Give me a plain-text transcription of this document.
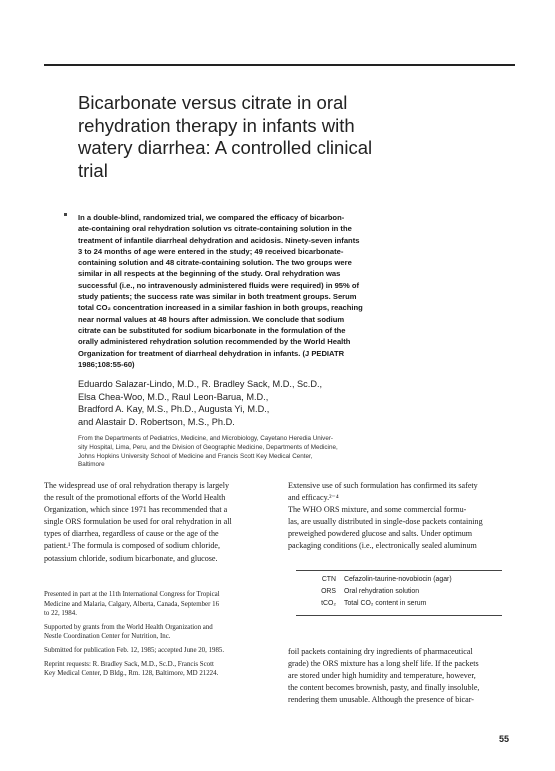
Bicarbonate versus citrate in oral
rehydration therapy in infants with
watery diarrhea: A controlled clinical
trial
In a double-blind, randomized trial, we compared the efficacy of bicarbon-
ate-containing oral rehydration solution vs citrate-containing solution in the
treatment of infantile diarrheal dehydration and acidosis. Ninety-seven infants
3 to 24 months of age were entered in the study; 49 received bicarbonate-
containing solution and 48 citrate-containing solution. The two groups were
similar in all respects at the beginning of the study. Oral rehydration was
successful (i.e., no intravenously administered fluids were required) in 95% of
study patients; the success rate was similar in both treatment groups. Serum
total CO₂ concentration increased in a similar fashion in both groups, reaching
near normal values at 48 hours after admission. We conclude that sodium
citrate can be substituted for sodium bicarbonate in the formulation of the
orally administered rehydration solution recommended by the World Health
Organization for treatment of diarrheal dehydration in infants. (J PEDIATR
1986;108:55-60)
Eduardo Salazar-Lindo, M.D., R. Bradley Sack, M.D., Sc.D.,
Elsa Chea-Woo, M.D., Raul Leon-Barua, M.D.,
Bradford A. Kay, M.S., Ph.D., Augusta Yi, M.D.,
and Alastair D. Robertson, M.S., Ph.D.
From the Departments of Pediatrics, Medicine, and Microbiology, Cayetano Heredia Univer-
sity Hospital, Lima, Peru, and the Division of Geographic Medicine, Departments of Medicine,
Johns Hopkins University School of Medicine and Francis Scott Key Medical Center,
Baltimore
The widespread use of oral rehydration therapy is largely
the result of the promotional efforts of the World Health
Organization, which since 1971 has recommended that a
single ORS formulation be used for oral rehydration in all
types of diarrhea, regardless of cause or the age of the
patient.¹ The formula is composed of sodium chloride,
potassium chloride, sodium bicarbonate, and glucose.
Presented in part at the 11th International Congress for Tropical
Medicine and Malaria, Calgary, Alberta, Canada, September 16
to 22, 1984.
Supported by grants from the World Health Organization and
Nestle Coordination Center for Nutrition, Inc.
Submitted for publication Feb. 12, 1985; accepted June 20, 1985.
Reprint requests: R. Bradley Sack, M.D., Sc.D., Francis Scott
Key Medical Center, D Bldg., Rm. 128, Baltimore, MD 21224.
Extensive use of such formulation has confirmed its safety
and efficacy.²⁻⁴
The WHO ORS mixture, and some commercial formu-
las, are usually distributed in single-dose packets containing
preweighed powdered glucose and salts. Under optimum
packaging conditions (i.e., electronically sealed aluminum
CTN Cefazolin-taurine-novobiocin (agar)
ORS Oral rehydration solution
tCO₂ Total CO₂ content in serum
foil packets containing dry ingredients of pharmaceutical
grade) the ORS mixture has a long shelf life. If the packets
are stored under high humidity and temperature, however,
the content becomes brownish, pasty, and finally insoluble,
rendering them unusable. Although the presence of bicar-
55
